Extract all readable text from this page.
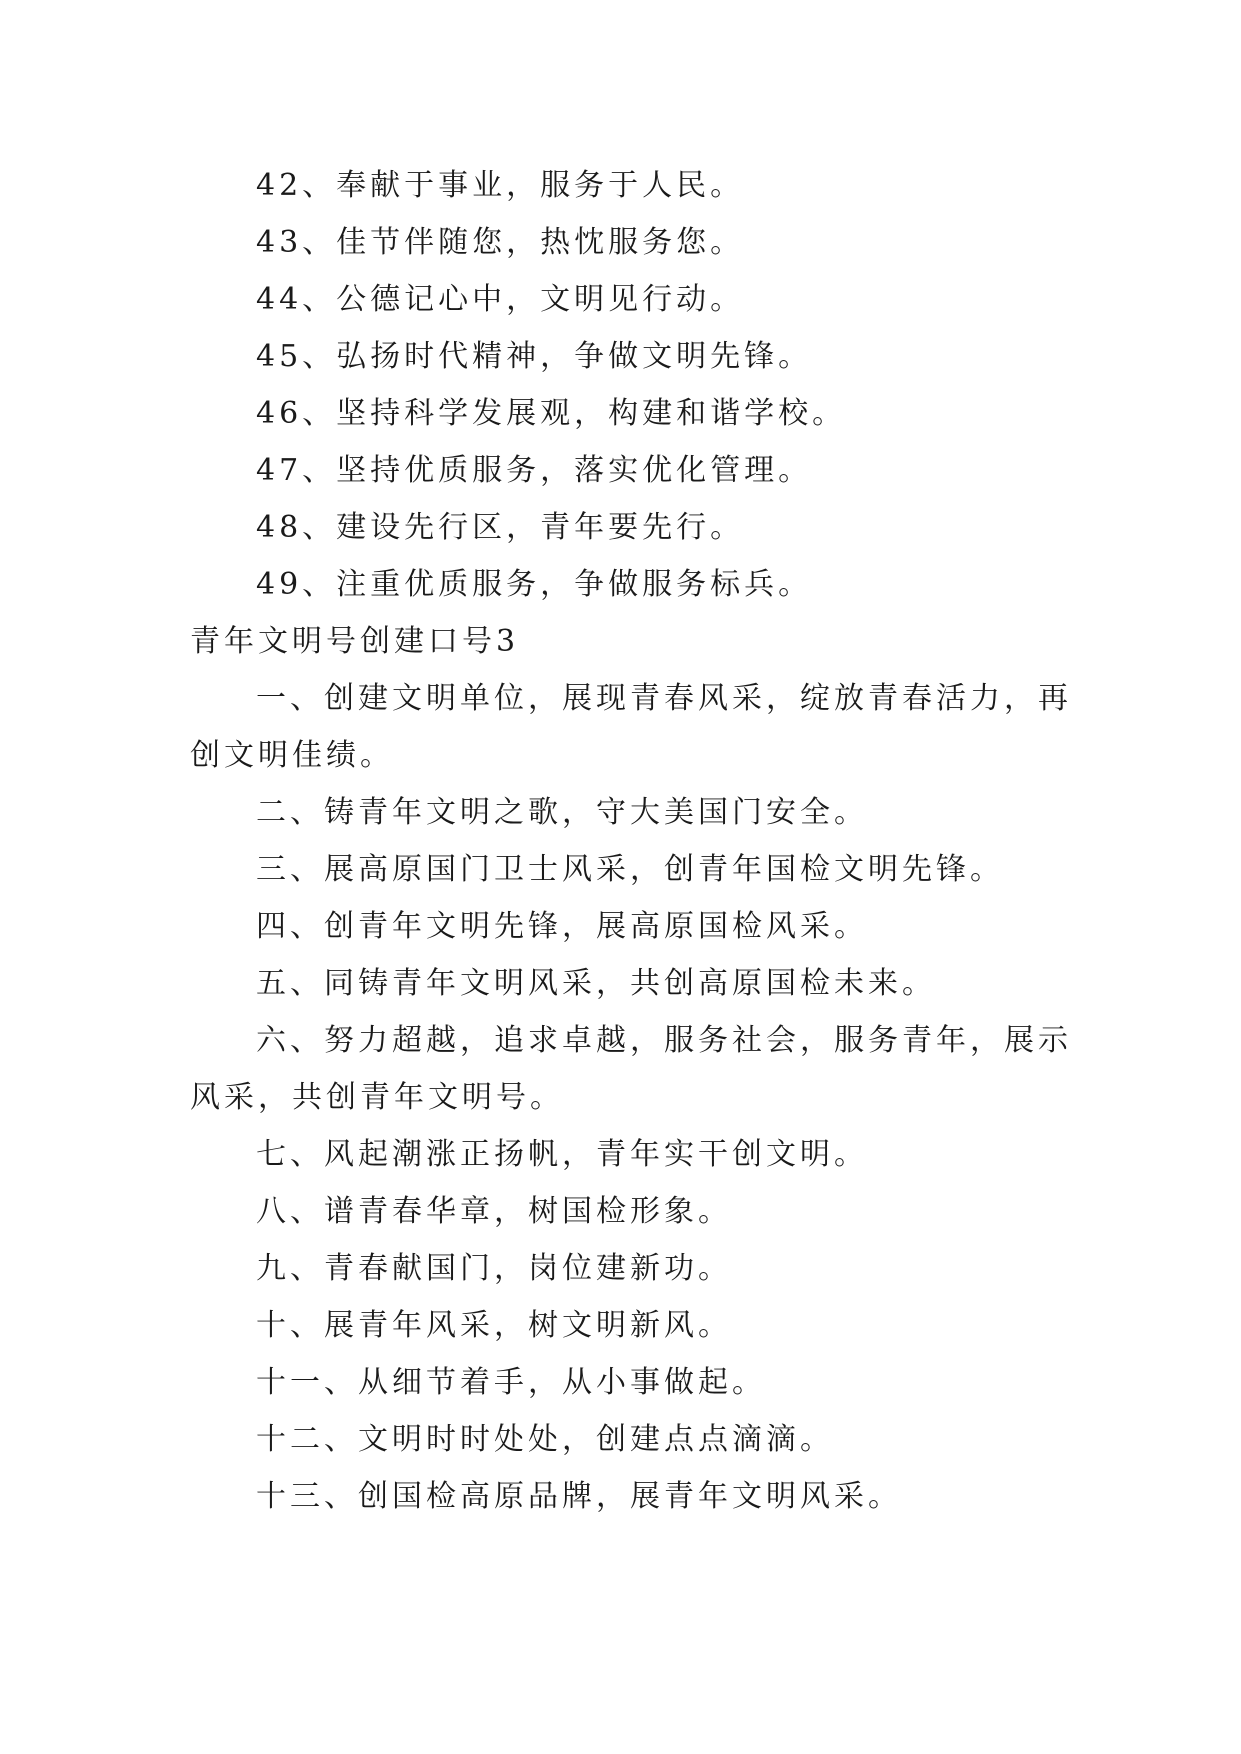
42、奉献于事业，服务于人民。
43、佳节伴随您，热忱服务您。
44、公德记心中，文明见行动。
45、弘扬时代精神，争做文明先锋。
46、坚持科学发展观，构建和谐学校。
47、坚持优质服务，落实优化管理。
48、建设先行区，青年要先行。
49、注重优质服务，争做服务标兵。
青年文明号创建口号3
一、创建文明单位，展现青春风采，绽放青春活力，再
创文明佳绩。
二、铸青年文明之歌，守大美国门安全。
三、展高原国门卫士风采，创青年国检文明先锋。
四、创青年文明先锋，展高原国检风采。
五、同铸青年文明风采，共创高原国检未来。
六、努力超越，追求卓越，服务社会，服务青年，展示
风采，共创青年文明号。
七、风起潮涨正扬帆，青年实干创文明。
八、谱青春华章，树国检形象。
九、青春献国门，岗位建新功。
十、展青年风采，树文明新风。
十一、从细节着手，从小事做起。
十二、文明时时处处，创建点点滴滴。
十三、创国检高原品牌，展青年文明风采。
